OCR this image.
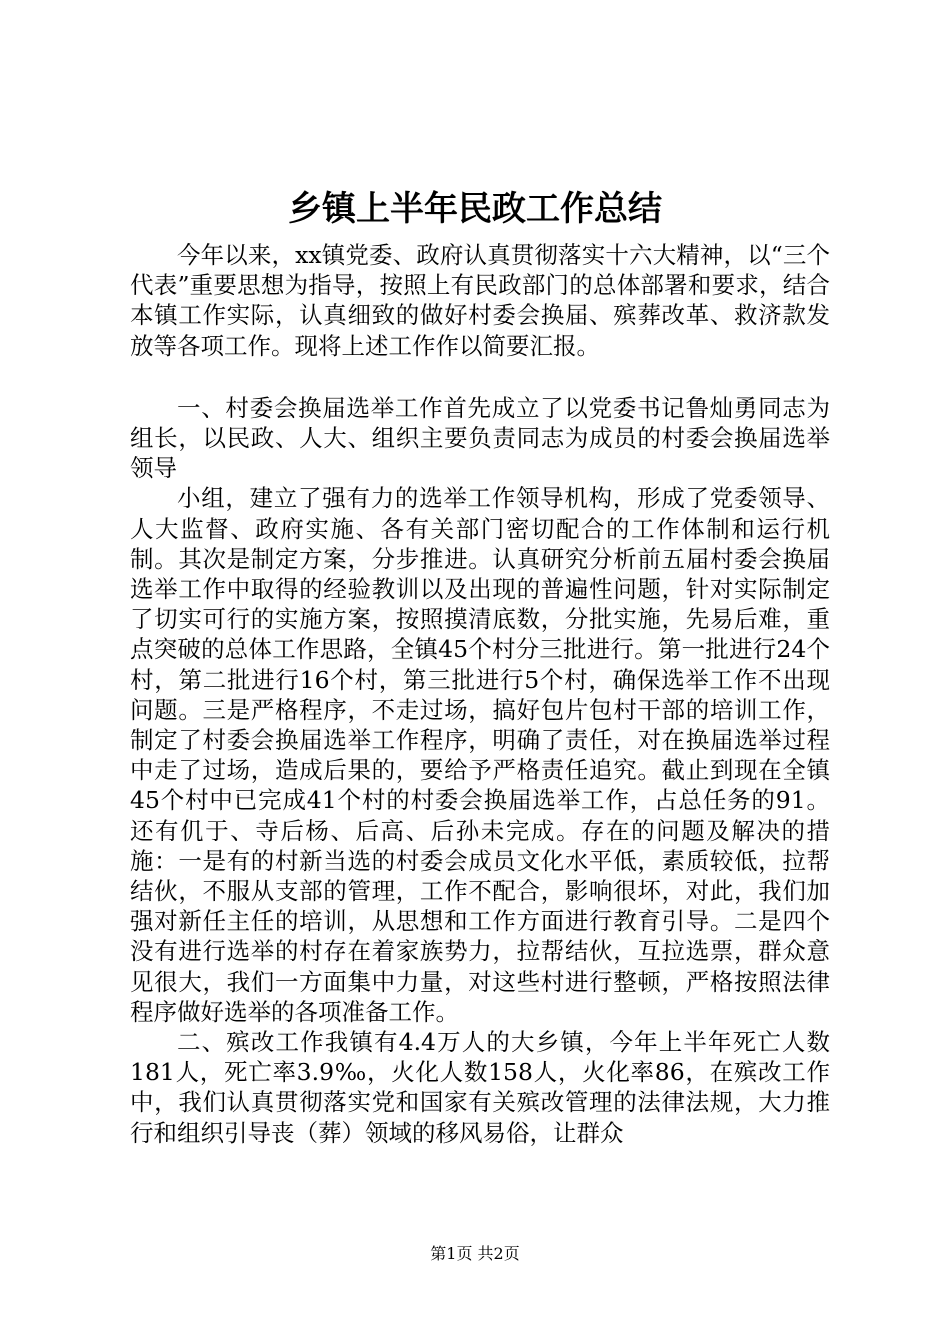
乡镇上半年民政工作总结

今年以来，xx镇党委、政府认真贯彻落实十六大精神，以“三个代表”重要思想为指导，按照上有民政部门的总体部署和要求，结合本镇工作实际，认真细致的做好村委会换届、殡葬改革、救济款发放等各项工作。现将上述工作作以简要汇报。

一、村委会换届选举工作首先成立了以党委书记鲁灿勇同志为组长，以民政、人大、组织主要负责同志为成员的村委会换届选举领导

小组，建立了强有力的选举工作领导机构，形成了党委领导、人大监督、政府实施、各有关部门密切配合的工作体制和运行机制。其次是制定方案，分步推进。认真研究分析前五届村委会换届选举工作中取得的经验教训以及出现的普遍性问题，针对实际制定了切实可行的实施方案，按照摸清底数，分批实施，先易后难，重点突破的总体工作思路，全镇45个村分三批进行。第一批进行24个村，第二批进行16个村，第三批进行5个村，确保选举工作不出现问题。三是严格程序，不走过场，搞好包片包村干部的培训工作，制定了村委会换届选举工作程序，明确了责任，对在换届选举过程中走了过场，造成后果的，要给予严格责任追究。截止到现在全镇45个村中已完成41个村的村委会换届选举工作，占总任务的91。还有仉于、寺后杨、后高、后孙未完成。存在的问题及解决的措施：一是有的村新当选的村委会成员文化水平低，素质较低，拉帮结伙，不服从支部的管理，工作不配合，影响很坏，对此，我们加强对新任主任的培训，从思想和工作方面进行教育引导。二是四个没有进行选举的村存在着家族势力，拉帮结伙，互拉选票，群众意见很大，我们一方面集中力量，对这些村进行整顿，严格按照法律程序做好选举的各项准备工作。

二、殡改工作我镇有4.4万人的大乡镇，今年上半年死亡人数181人，死亡率3.9‰，火化人数158人，火化率86，在殡改工作中，我们认真贯彻落实党和国家有关殡改管理的法律法规，大力推行和组织引导丧（葬）领域的移风易俗，让群众

第1页 共2页
